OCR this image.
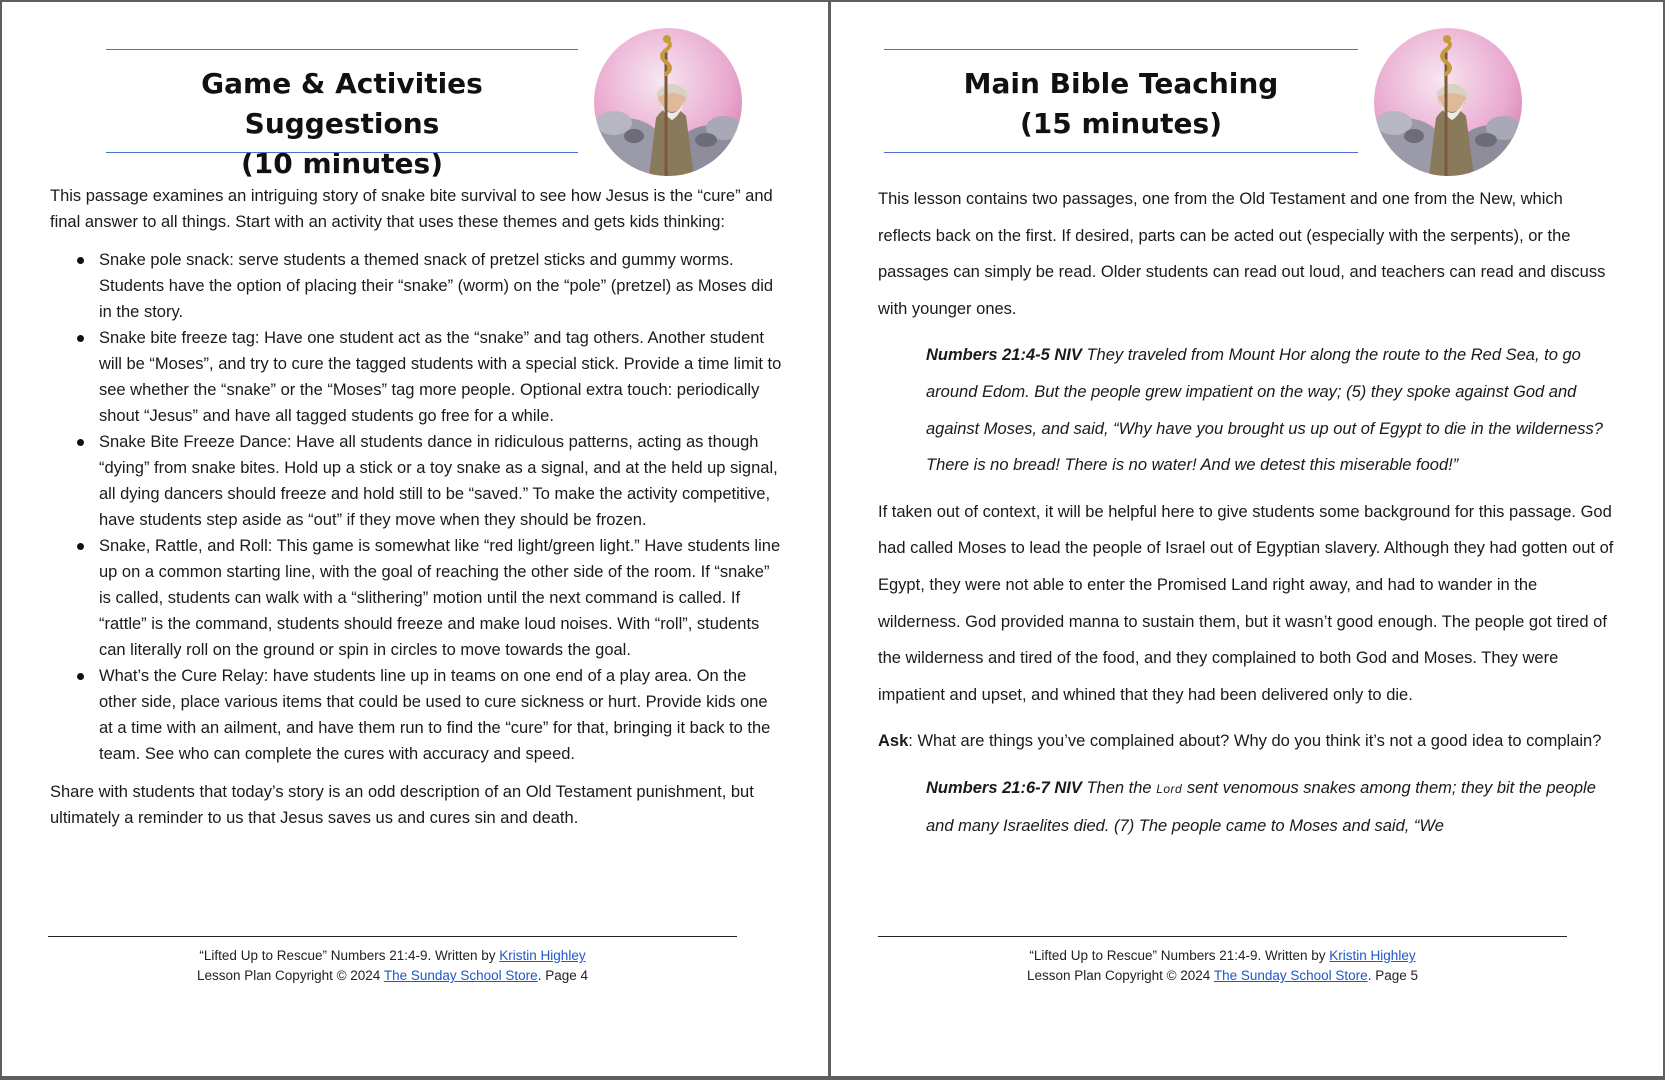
Game & Activities Suggestions
(10 minutes)

This passage examines an intriguing story of snake bite survival to see how Jesus is the “cure” and final answer to all things. Start with an activity that uses these themes and gets kids thinking:

Snake pole snack: serve students a themed snack of pretzel sticks and gummy worms. Students have the option of placing their “snake” (worm) on the “pole” (pretzel) as Moses did in the story.
Snake bite freeze tag: Have one student act as the “snake” and tag others. Another student will be “Moses”, and try to cure the tagged students with a special stick. Provide a time limit to see whether the “snake” or the “Moses” tag more people. Optional extra touch: periodically shout “Jesus” and have all tagged students go free for a while.
Snake Bite Freeze Dance: Have all students dance in ridiculous patterns, acting as though “dying” from snake bites. Hold up a stick or a toy snake as a signal, and at the held up signal, all dying dancers should freeze and hold still to be “saved.” To make the activity competitive, have students step aside as “out” if they move when they should be frozen.
Snake, Rattle, and Roll: This game is somewhat like “red light/green light.” Have students line up on a common starting line, with the goal of reaching the other side of the room. If “snake” is called, students can walk with a “slithering” motion until the next command is called. If “rattle” is the command, students should freeze and make loud noises. With “roll”, students can literally roll on the ground or spin in circles to move towards the goal.
What’s the Cure Relay: have students line up in teams on one end of a play area. On the other side, place various items that could be used to cure sickness or hurt. Provide kids one at a time with an ailment, and have them run to find the “cure” for that, bringing it back to the team. See who can complete the cures with accuracy and speed.

Share with students that today’s story is an odd description of an Old Testament punishment, but ultimately a reminder to us that Jesus saves us and cures sin and death.

“Lifted Up to Rescue” Numbers 21:4-9. Written by Kristin Highley
Lesson Plan Copyright © 2024 The Sunday School Store. Page 4
Main Bible Teaching
(15 minutes)

This lesson contains two passages, one from the Old Testament and one from the New, which reflects back on the first. If desired, parts can be acted out (especially with the serpents), or the passages can simply be read. Older students can read out loud, and teachers can read and discuss with younger ones.

Numbers 21:4-5 NIV They traveled from Mount Hor along the route to the Red Sea, to go around Edom. But the people grew impatient on the way; (5) they spoke against God and against Moses, and said, “Why have you brought us up out of Egypt to die in the wilderness? There is no bread! There is no water! And we detest this miserable food!”

If taken out of context, it will be helpful here to give students some background for this passage. God had called Moses to lead the people of Israel out of Egyptian slavery. Although they had gotten out of Egypt, they were not able to enter the Promised Land right away, and had to wander in the wilderness. God provided manna to sustain them, but it wasn’t good enough. The people got tired of the wilderness and tired of the food, and they complained to both God and Moses. They were impatient and upset, and whined that they had been delivered only to die.

Ask: What are things you’ve complained about? Why do you think it’s not a good idea to complain?

Numbers 21:6-7 NIV Then the Lord sent venomous snakes among them; they bit the people and many Israelites died. (7) The people came to Moses and said, “We

“Lifted Up to Rescue” Numbers 21:4-9. Written by Kristin Highley
Lesson Plan Copyright © 2024 The Sunday School Store. Page 5
